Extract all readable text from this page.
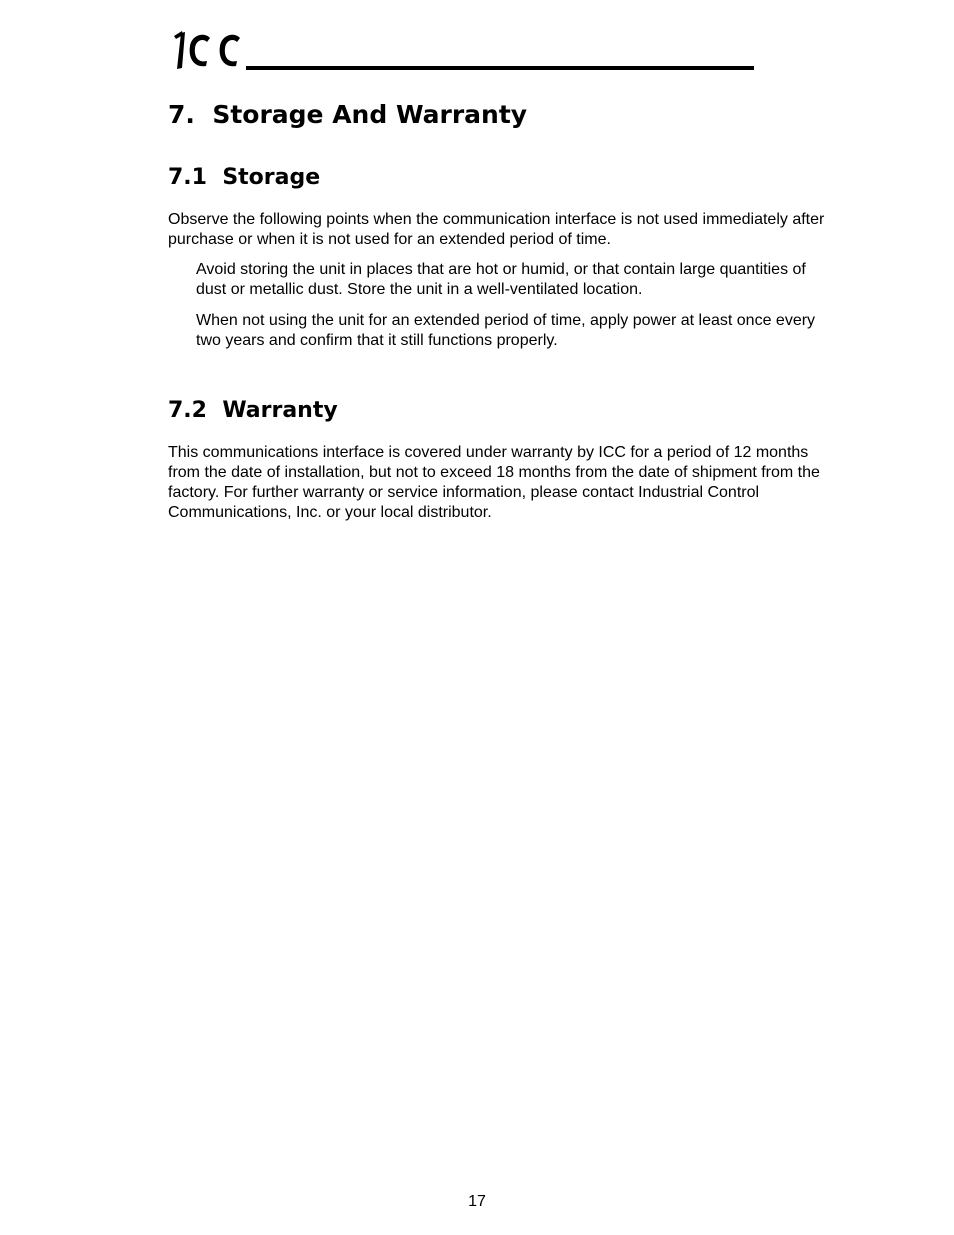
7. Storage And Warranty
7.1 Storage

Observe the following points when the communication interface is not used immediately after purchase or when it is not used for an extended period of time.

Avoid storing the unit in places that are hot or humid, or that contain large quantities of dust or metallic dust. Store the unit in a well-ventilated location.

When not using the unit for an extended period of time, apply power at least once every two years and confirm that it still functions properly.

7.2 Warranty

This communications interface is covered under warranty by ICC for a period of 12 months from the date of installation, but not to exceed 18 months from the date of shipment from the factory. For further warranty or service information, please contact Industrial Control Communications, Inc. or your local distributor.

17
